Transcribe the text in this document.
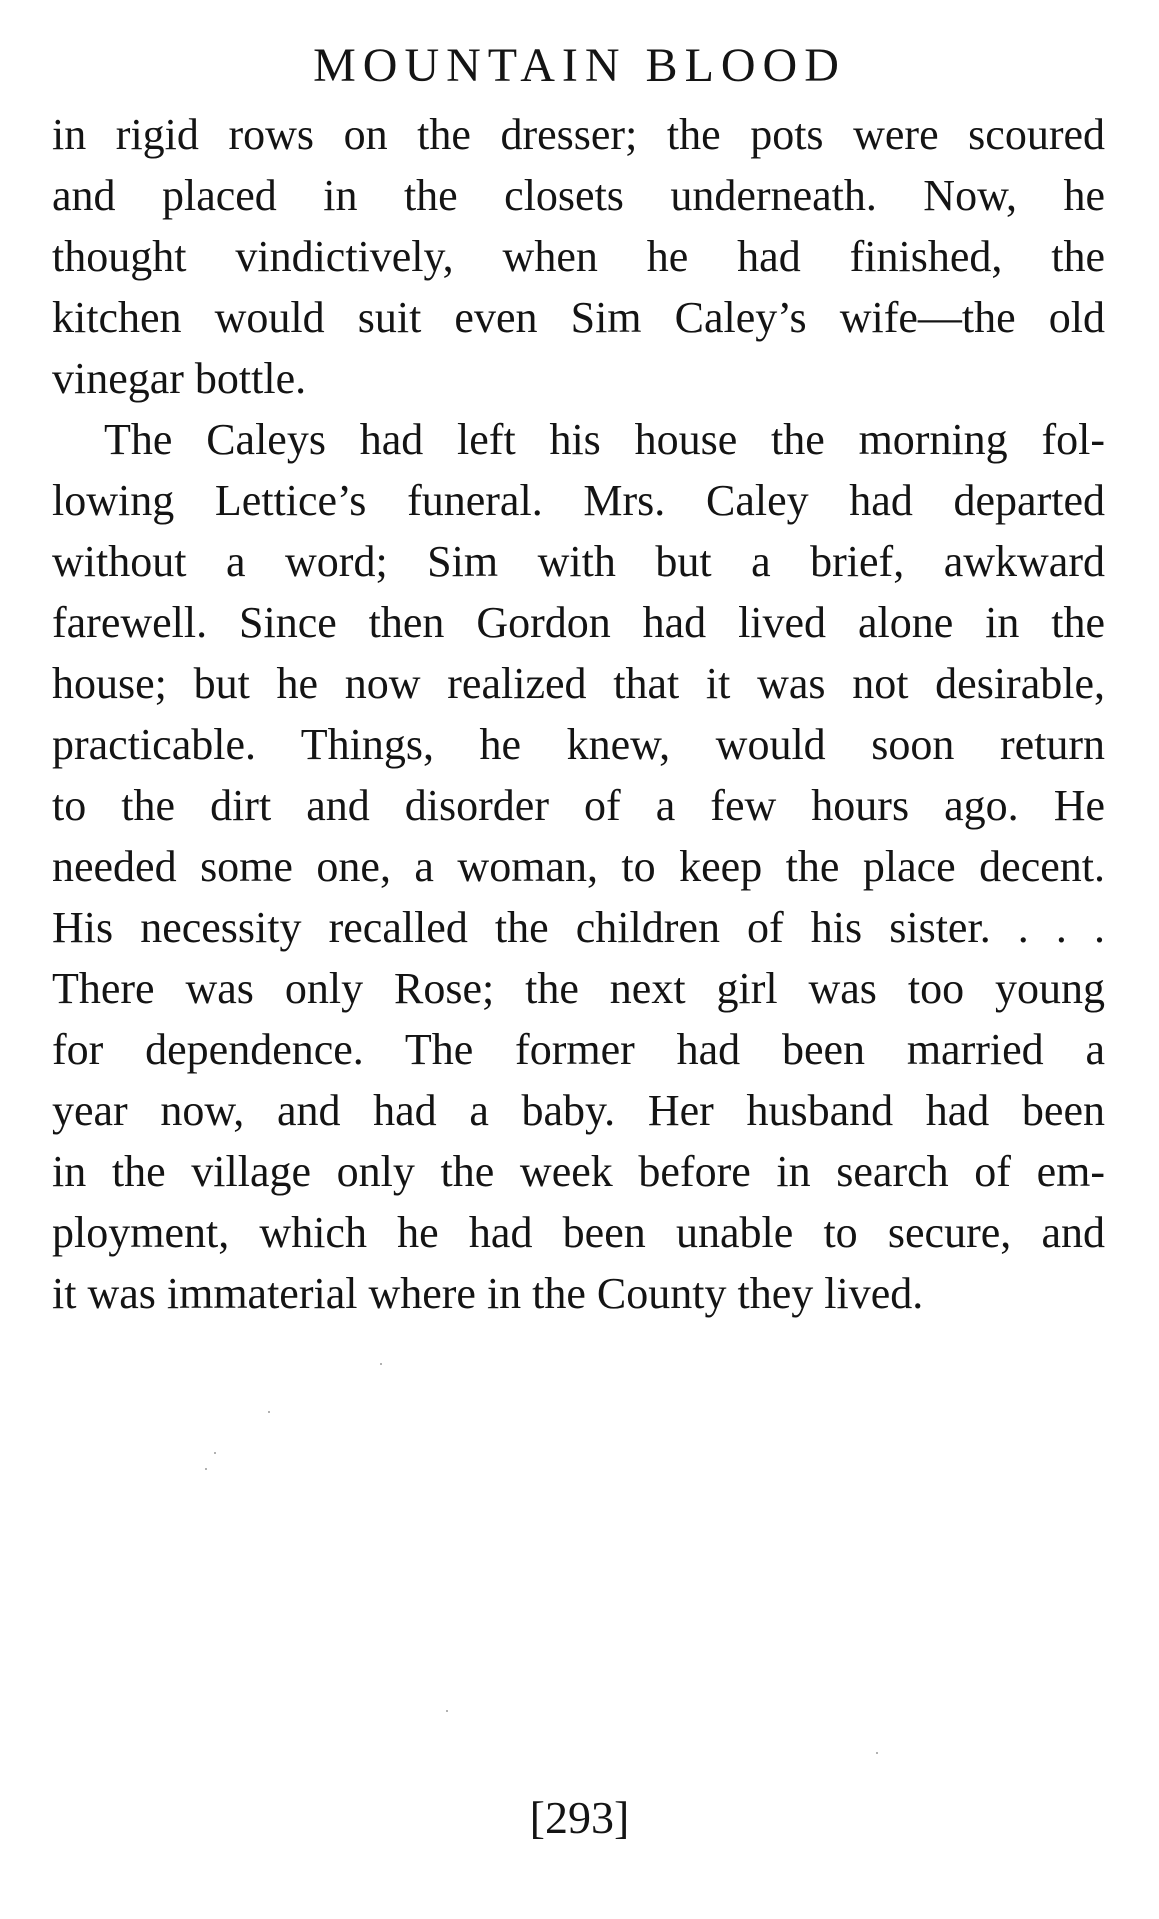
MOUNTAIN BLOOD
in rigid rows on the dresser; the pots were scoured
and placed in the closets underneath. Now, he
thought vindictively, when he had finished, the
kitchen would suit even Sim Caley’s wife—the old
vinegar bottle.
The Caleys had left his house the morning fol-
lowing Lettice’s funeral. Mrs. Caley had departed
without a word; Sim with but a brief, awkward
farewell. Since then Gordon had lived alone in the
house; but he now realized that it was not desirable,
practicable. Things, he knew, would soon return
to the dirt and disorder of a few hours ago. He
needed some one, a woman, to keep the place decent.
His necessity recalled the children of his sister. . . .
There was only Rose; the next girl was too young
for dependence. The former had been married a
year now, and had a baby. Her husband had been
in the village only the week before in search of em-
ployment, which he had been unable to secure, and
it was immaterial where in the County they lived.
[293]
